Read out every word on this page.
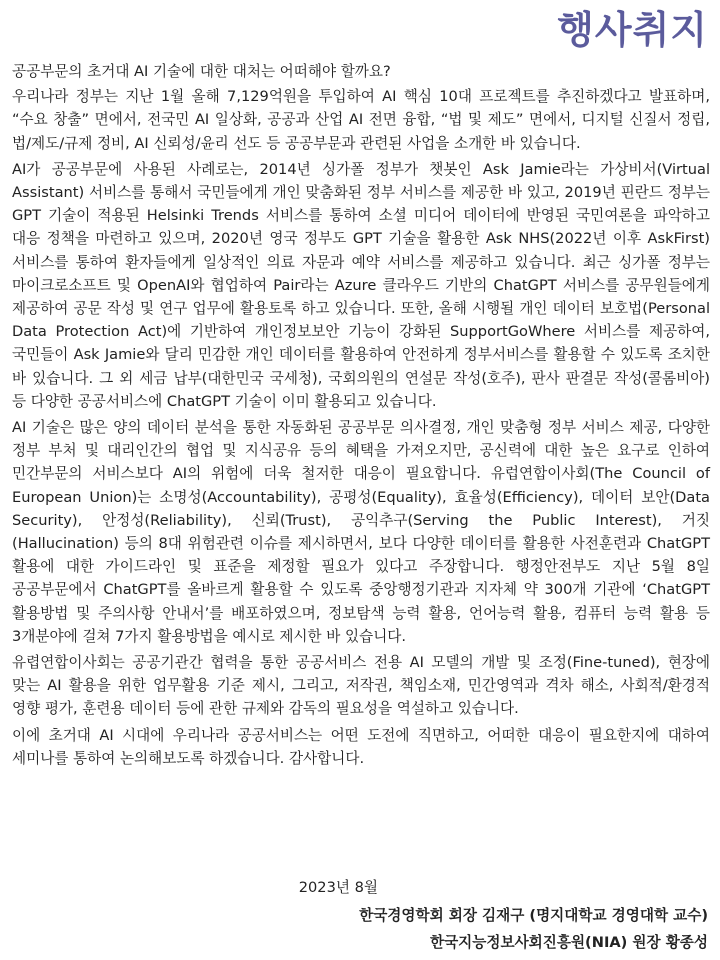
행사취지

공공부문의 초거대 AI 기술에 대한 대처는 어떠해야 할까요?

우리나라 정부는 지난 1월 올해 7,129억원을 투입하여 AI 핵심 10대 프로젝트를 추진하겠다고 발표하며, “수요 창출” 면에서, 전국민 AI 일상화, 공공과 산업 AI 전면 융합, “법 및 제도” 면에서, 디지털 신질서 정립, 법/제도/규제 정비, AI 신뢰성/윤리 선도 등 공공부문과 관련된 사업을 소개한 바 있습니다.

AI가 공공부문에 사용된 사례로는, 2014년 싱가폴 정부가 챗봇인 Ask Jamie라는 가상비서(Virtual Assistant) 서비스를 통해서 국민들에게 개인 맞춤화된 정부 서비스를 제공한 바 있고, 2019년 핀란드 정부는 GPT 기술이 적용된 Helsinki Trends 서비스를 통하여 소셜 미디어 데이터에 반영된 국민여론을 파악하고 대응 정책을 마련하고 있으며, 2020년 영국 정부도 GPT 기술을 활용한 Ask NHS(2022년 이후 AskFirst) 서비스를 통하여 환자들에게 일상적인 의료 자문과 예약 서비스를 제공하고 있습니다. 최근 싱가폴 정부는 마이크로소프트 및 OpenAI와 협업하여 Pair라는 Azure 클라우드 기반의 ChatGPT 서비스를 공무원들에게 제공하여 공문 작성 및 연구 업무에 활용토록 하고 있습니다. 또한, 올해 시행될 개인 데이터 보호법(Personal Data Protection Act)에 기반하여 개인정보보안 기능이 강화된 SupportGoWhere 서비스를 제공하여, 국민들이 Ask Jamie와 달리 민감한 개인 데이터를 활용하여 안전하게 정부서비스를 활용할 수 있도록 조치한 바 있습니다. 그 외 세금 납부(대한민국 국세청), 국회의원의 연설문 작성(호주), 판사 판결문 작성(콜롬비아) 등 다양한 공공서비스에 ChatGPT 기술이 이미 활용되고 있습니다.

AI 기술은 많은 양의 데이터 분석을 통한 자동화된 공공부문 의사결정, 개인 맞춤형 정부 서비스 제공, 다양한 정부 부처 및 대리인간의 협업 및 지식공유 등의 혜택을 가져오지만, 공신력에 대한 높은 요구로 인하여 민간부문의 서비스보다 AI의 위험에 더욱 철저한 대응이 필요합니다. 유럽연합이사회(The Council of European Union)는 소명성(Accountability), 공평성(Equality), 효율성(Efficiency), 데이터 보안(Data Security), 안정성(Reliability), 신뢰(Trust), 공익추구(Serving the Public Interest), 거짓(Hallucination) 등의 8대 위험관련 이슈를 제시하면서, 보다 다양한 데이터를 활용한 사전훈련과 ChatGPT 활용에 대한 가이드라인 및 표준을 제정할 필요가 있다고 주장합니다. 행정안전부도 지난 5월 8일 공공부문에서 ChatGPT를 올바르게 활용할 수 있도록 중앙행정기관과 지자체 약 300개 기관에 ‘ChatGPT 활용방법 및 주의사항 안내서’를 배포하였으며, 정보탐색 능력 활용, 언어능력 활용, 컴퓨터 능력 활용 등 3개분야에 걸쳐 7가지 활용방법을 예시로 제시한 바 있습니다.

유렵연합이사회는 공공기관간 협력을 통한 공공서비스 전용 AI 모델의 개발 및 조정(Fine-tuned), 현장에 맞는 AI 활용을 위한 업무활용 기준 제시, 그리고, 저작권, 책임소재, 민간영역과 격차 해소, 사회적/환경적 영향 평가, 훈련용 데이터 등에 관한 규제와 감독의 필요성을 역설하고 있습니다.

이에 초거대 AI 시대에 우리나라 공공서비스는 어떤 도전에 직면하고, 어떠한 대응이 필요한지에 대하여 세미나를 통하여 논의해보도록 하겠습니다. 감사합니다.

2023년 8월
한국경영학회 회장 김재구 (명지대학교 경영대학 교수)
한국지능정보사회진흥원(NIA) 원장 황종성
